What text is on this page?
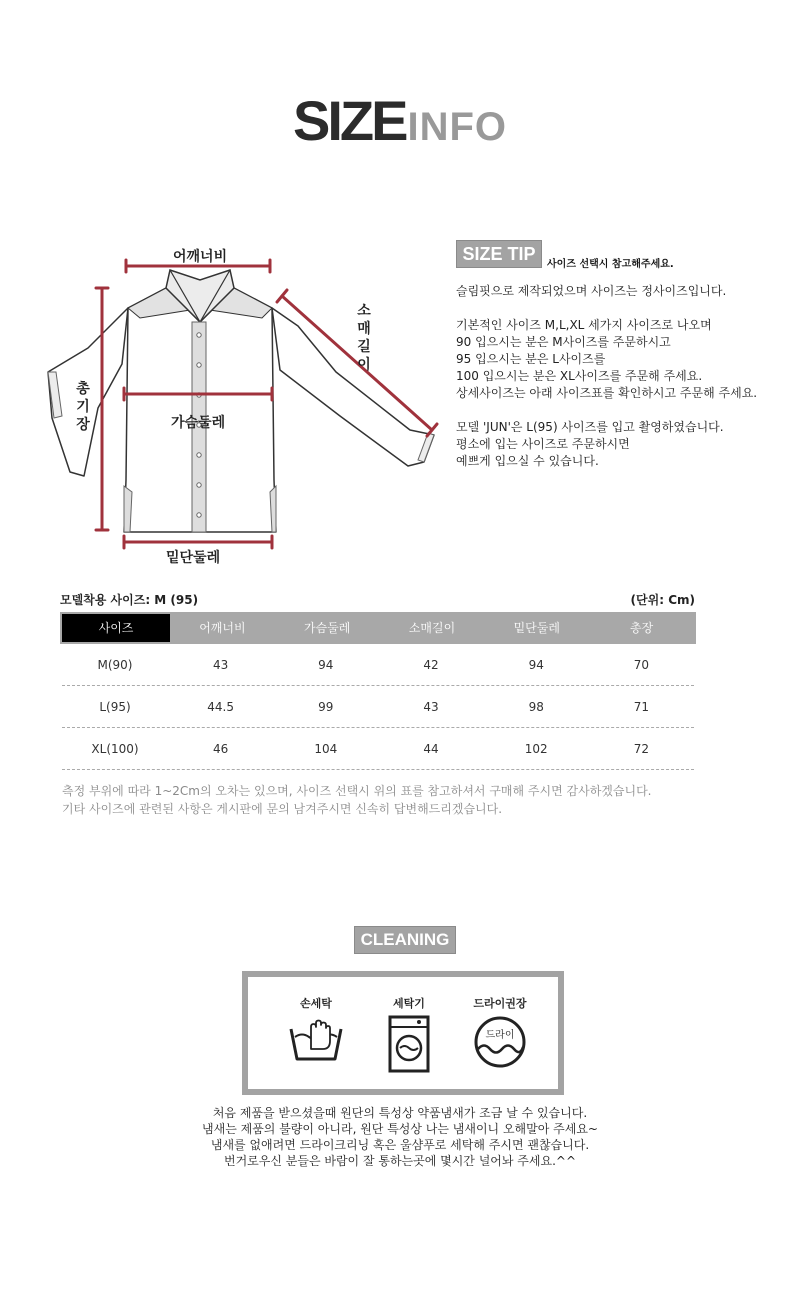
SIZEINFO
어깨너비
가슴둘레
밑단둘레
총기장
소매길이
SIZE TIP
사이즈 선택시 참고해주세요.

슬림핏으로 제작되었으며 사이즈는 정사이즈입니다.

기본적인 사이즈 M,L,XL 세가지 사이즈로 나오며

90 입으시는 분은 M사이즈를 주문하시고

95 입으시는 분은 L사이즈를

100 입으시는 분은 XL사이즈를 주문해 주세요.

상세사이즈는 아래 사이즈표를 확인하시고 주문해 주세요.

모델 'JUN'은 L(95) 사이즈를 입고 촬영하였습니다.

평소에 입는 사이즈로 주문하시면

예쁘게 입으실 수 있습니다.

모델착용 사이즈: M (95)	(단위: Cm)
사이즈	어깨너비	가슴둘레	소매길이	밑단둘레	총장
M(90)	43	94	42	94	70
L(95)	44.5	99	43	98	71
XL(100)	46	104	44	102	72

측정 부위에 따라 1~2Cm의 오차는 있으며, 사이즈 선택시 위의 표를 참고하셔서 구매해 주시면 감사하겠습니다.

기타 사이즈에 관련된 사항은 게시판에 문의 남겨주시면 신속히 답변해드리겠습니다.

CLEANING
손세탁	세탁기	드라이권장
드라이

처음 제품을 받으셨을때 원단의 특성상 약품냄새가 조금 날 수 있습니다.

냄새는 제품의 불량이 아니라, 원단 특성상 나는 냄새이니 오해말아 주세요~

냄새를 없애려면 드라이크리닝 혹은 울샴푸로 세탁해 주시면 괜찮습니다.

번거로우신 분들은 바람이 잘 통하는곳에 몇시간 널어놔 주세요.^^
